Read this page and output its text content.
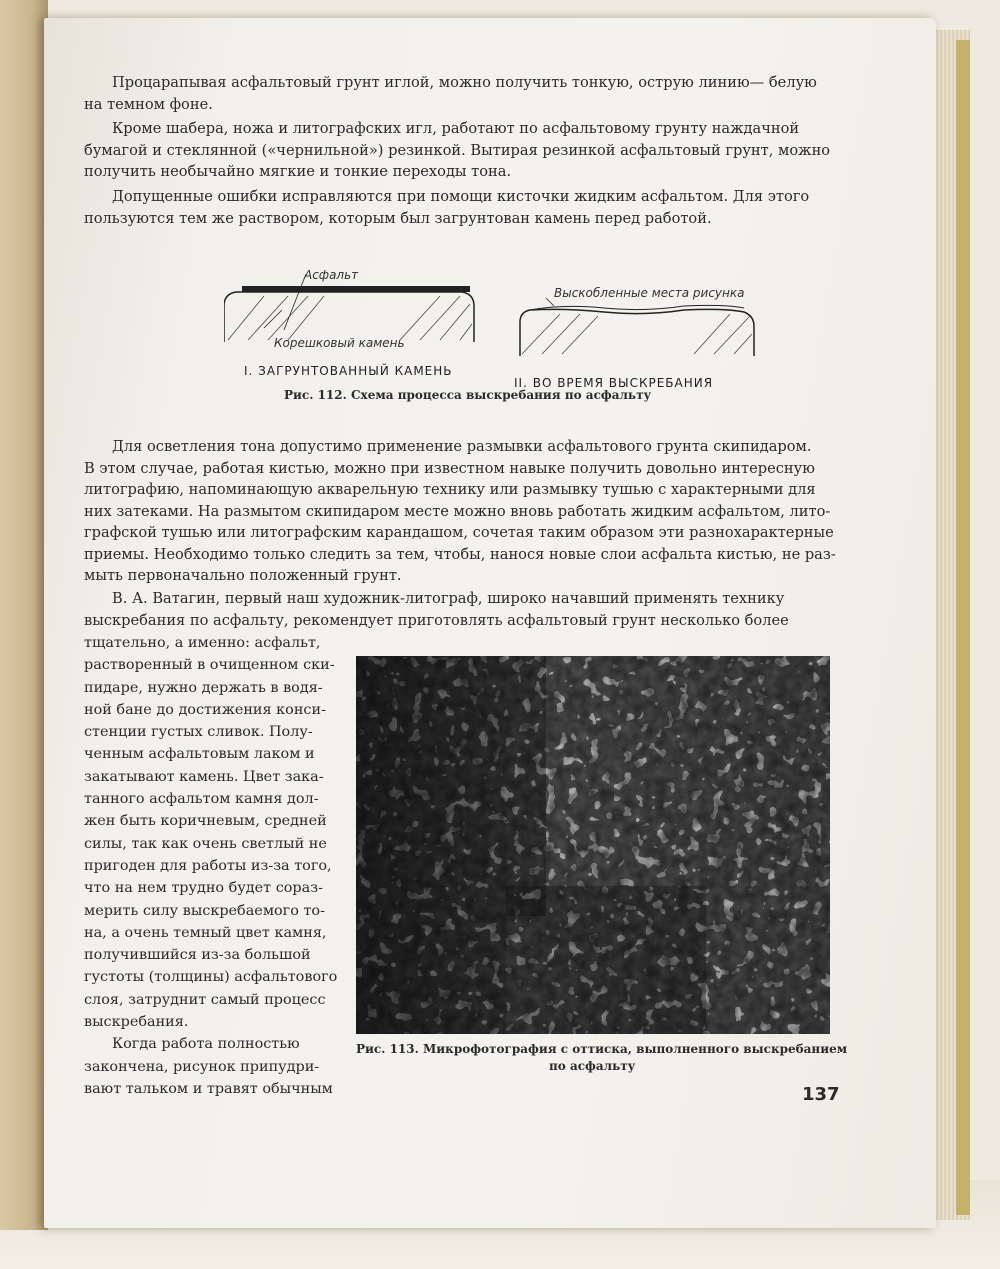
Процарапывая асфальтовый грунт иглой, можно получить тонкую, острую линию— белую
на темном фоне.
Кроме шабера, ножа и литографских игл, работают по асфальтовому грунту наждачной
бумагой и стеклянной («чернильной») резинкой. Вытирая резинкой асфальтовый грунт, можно
получить необычайно мягкие и тонкие переходы тона.
Допущенные ошибки исправляются при помощи кисточки жидким асфальтом. Для этого
пользуются тем же раствором, которым был загрунтован камень перед работой.
Асфальт
Корешковый камень
Выскобленные места рисунка
I. ЗАГРУНТОВАННЫЙ КАМЕНЬ
II. ВО ВРЕМЯ ВЫСКРЕБАНИЯ
Рис. 112. Схема процесса выскребания по асфальту
Для осветления тона допустимо применение размывки асфальтового грунта скипидаром.
В этом случае, работая кистью, можно при известном навыке получить довольно интересную
литографию, напоминающую акварельную технику или размывку тушью с характерными для
них затеками. На размытом скипидаром месте можно вновь работать жидким асфальтом, лито-
графской тушью или литографским карандашом, сочетая таким образом эти разнохарактерные
приемы. Необходимо только следить за тем, чтобы, нанося новые слои асфальта кистью, не раз-
мыть первоначально положенный грунт.
В. А. Ватагин, первый наш художник-литограф, широко начавший применять технику
выскребания по асфальту, рекомендует приготовлять асфальтовый грунт несколько более
тщательно, а именно: асфальт,
растворенный в очищенном ски-
пидаре, нужно держать в водя-
ной бане до достижения конси-
стенции густых сливок. Полу-
ченным асфальтовым лаком и
закатывают камень. Цвет зака-
танного асфальтом камня дол-
жен быть коричневым, средней
силы, так как очень светлый не
пригоден для работы из-за того,
что на нем трудно будет сораз-
мерить силу выскребаемого то-
на, а очень темный цвет камня,
получившийся из-за большой
густоты (толщины) асфальтового
слоя, затруднит самый процесс
выскребания.
Когда работа полностью
закончена, рисунок припудри-
вают тальком и травят обычным
Рис. 113. Микрофотография с оттиска, выполненного выскребанием
по асфальту
137
